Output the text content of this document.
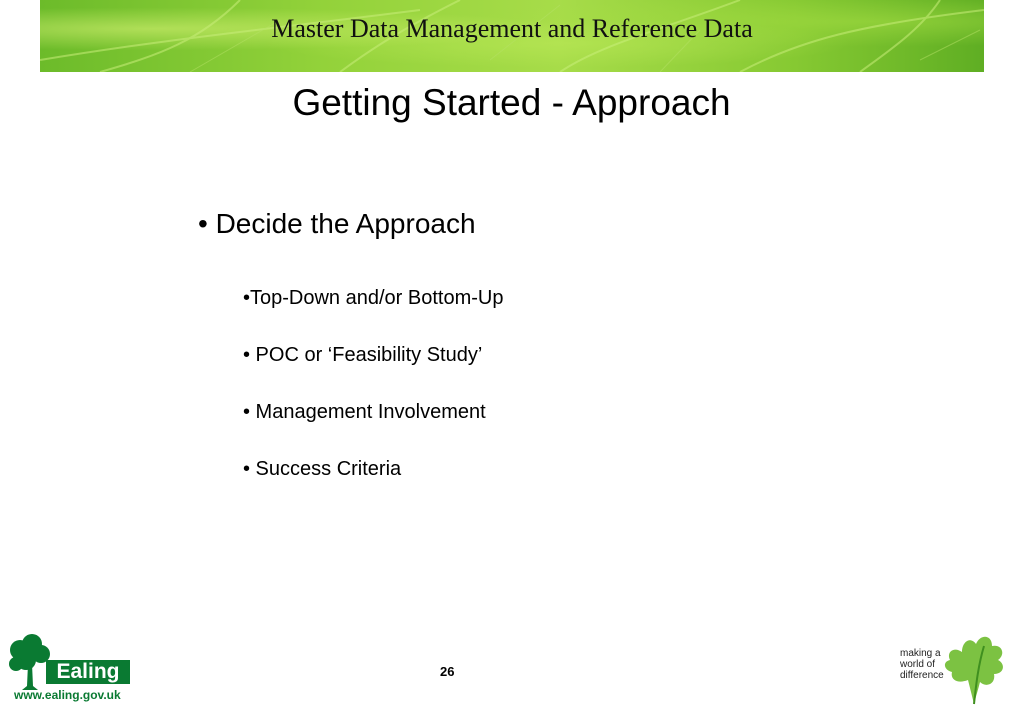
Master Data Management and Reference Data
Getting Started - Approach
• Decide the Approach
•Top-Down and/or Bottom-Up
• POC or ‘Feasibility Study’
• Management Involvement
• Success Criteria
26
Ealing
www.ealing.gov.uk
making a world of difference
